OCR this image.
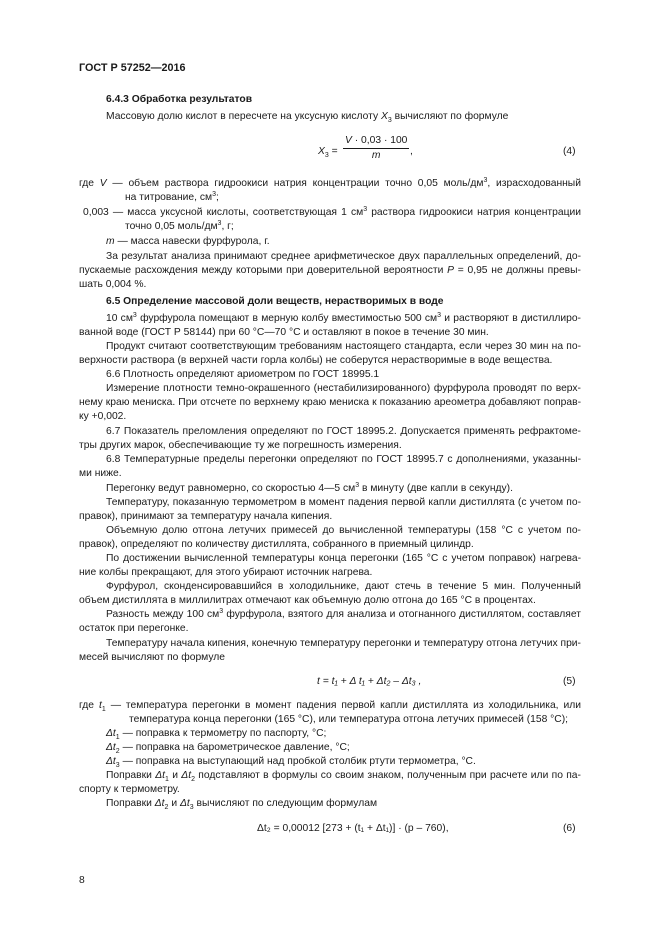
ГОСТ Р 57252—2016
6.4.3 Обработка результатов
Массовую долю кислот в пересчете на уксусную кислоту $X_3$ вычисляют по формуле
$X_3 = \frac{V \cdot 0,03 \cdot 100}{m}$ ,	(4)
где V — объем раствора гидроокиси натрия концентрации точно 0,05 моль/$дм^3$, израсходованный
на титрование, $см^3$;
0,003 — масса уксусной кислоты, соответствующая 1 $см^3$ раствора гидроокиси натрия концентрации
точно 0,05 моль/$дм^3$, г;
m — масса навески фурфурола, г.
За результат анализа принимают среднее арифметическое двух параллельных определений, до-
пускаемые расхождения между которыми при доверительной вероятности P = 0,95 не должны превы-
шать 0,004 %.
6.5 Определение массовой доли веществ, нерастворимых в воде
10 $см^3$ фурфурола помещают в мерную колбу вместимостью 500 $см^3$ и растворяют в дистиллиро-
ванной воде (ГОСТ Р 58144) при 60 °С—70 °С и оставляют в покое в течение 30 мин.
Продукт считают соответствующим требованиям настоящего стандарта, если через 30 мин на по-
верхности раствора (в верхней части горла колбы) не соберутся нерастворимые в воде вещества.
6.6 Плотность определяют ариометром по ГОСТ 18995.1
Измерение плотности темно-окрашенного (нестабилизированного) фурфурола проводят по верх-
нему краю мениска. При отсчете по верхнему краю мениска к показанию ареометра добавляют поправ-
ку +0,002.
6.7 Показатель преломления определяют по ГОСТ 18995.2. Допускается применять рефрактоме-
тры других марок, обеспечивающие ту же погрешность измерения.
6.8 Температурные пределы перегонки определяют по ГОСТ 18995.7 с дополнениями, указанны-
ми ниже.
Перегонку ведут равномерно, со скоростью 4—5 $см^3$ в минуту (две капли в секунду).
Температуру, показанную термометром в момент падения первой капли дистиллята (с учетом по-
правок), принимают за температуру начала кипения.
Объемную долю отгона летучих примесей до вычисленной температуры (158 °С с учетом по-
правок), определяют по количеству дистиллята, собранного в приемный цилиндр.
По достижении вычисленной температуры конца перегонки (165 °С с учетом поправок) нагрева-
ние колбы прекращают, для этого убирают источник нагрева.
Фурфурол, сконденсировавшийся в холодильнике, дают стечь в течение 5 мин. Полученный
объем дистиллята в миллилитрах отмечают как объемную долю отгона до 165 °С в процентах.
Разность между 100 $см^3$ фурфурола, взятого для анализа и отогнанного дистиллятом, составляет
остаток при перегонке.
Температуру начала кипения, конечную температуру перегонки и температуру отгона летучих при-
месей вычисляют по формуле
t = t₁ + Δ t₁ + Δt₂ – Δt₃ ,	(5)
где $t_1$ — температура перегонки в момент падения первой капли дистиллята из холодильника, или
температура конца перегонки (165 °С), или температура отгона летучих примесей (158 °С);
$\Delta t_1$ — поправка к термометру по паспорту, °С;
$\Delta t_2$ — поправка на барометрическое давление, °С;
$\Delta t_3$ — поправка на выступающий над пробкой столбик ртути термометра, °С.
Поправки $\Delta t_1$ и $\Delta t_2$ подставляют в формулы со своим знаком, полученным при расчете или по па-
спорту к термометру.
Поправки $\Delta t_2$ и $\Delta t_3$ вычисляют по следующим формулам
Δt₂ = 0,00012 [273 + (t₁ + Δt₁)] · (p – 760),	(6)
8
